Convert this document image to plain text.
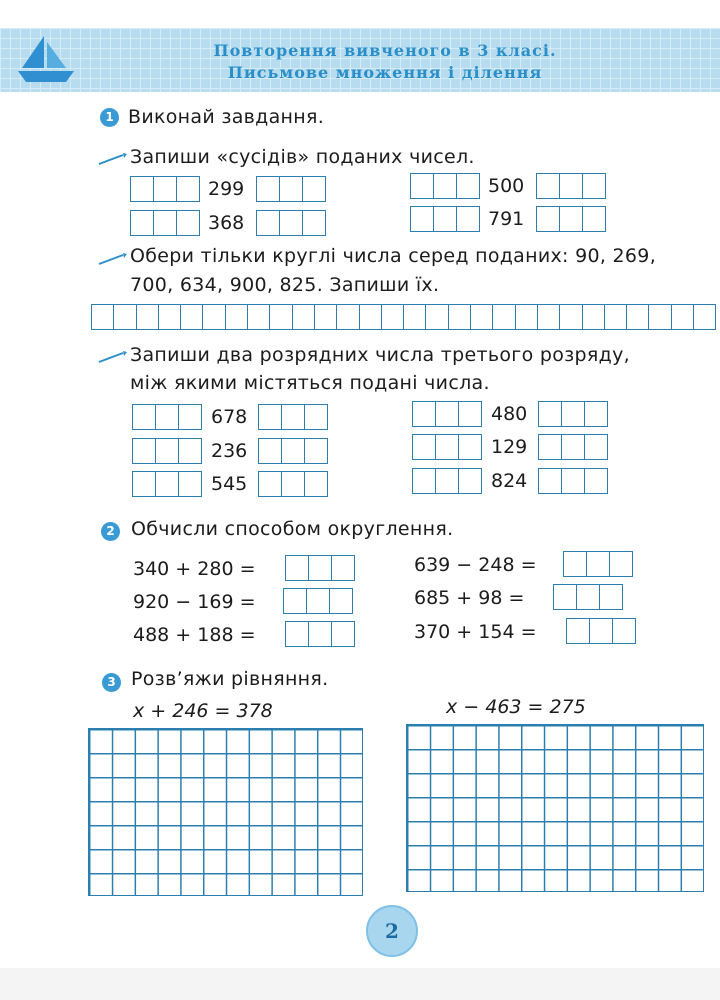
Повторення вивченого в 3 класі.
Письмове множення і ділення
1 Виконай завдання.
Запиши «сусідів» поданих чисел.
299	500
368	791
Обери тільки круглі числа серед поданих: 90, 269,
700, 634, 900, 825. Запиши їх.
Запиши два розрядних числа третього розряду,
між якими містяться подані числа.
678	480
236	129
545	824
2 Обчисли способом округлення.
340 + 280 =	639 − 248 =
920 − 169 =	685 + 98 =
488 + 188 =	370 + 154 =
3 Розв’яжи рівняння.
x + 246 = 378	x − 463 = 275
2
